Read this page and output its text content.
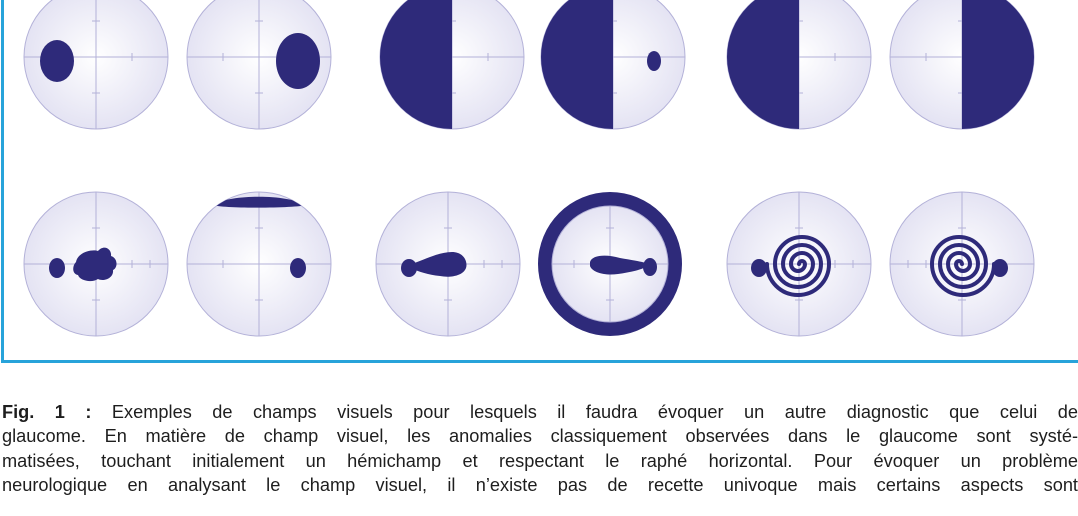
Fig. 1 : Exemples de champs visuels pour lesquels il faudra évoquer un autre diagnostic que celui de
glaucome. En matière de champ visuel, les anomalies classiquement observées dans le glaucome sont systé-
matisées, touchant initialement un hémichamp et respectant le raphé horizontal. Pour évoquer un problème
neurologique en analysant le champ visuel, il n’existe pas de recette univoque mais certains aspects sont
